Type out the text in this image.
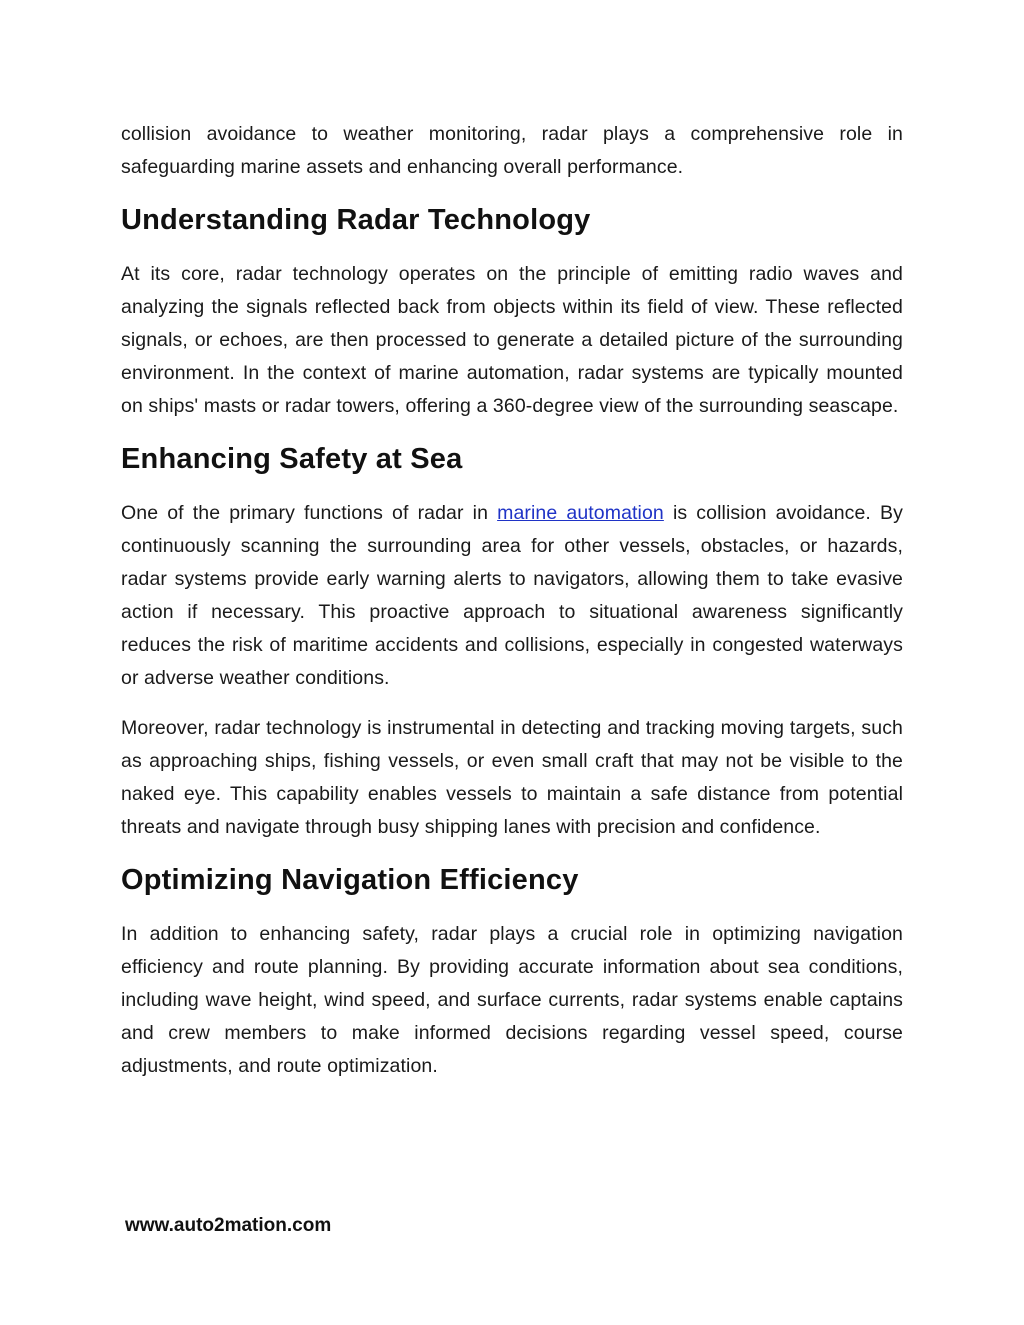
collision avoidance to weather monitoring, radar plays a comprehensive role in safeguarding marine assets and enhancing overall performance.

Understanding Radar Technology

At its core, radar technology operates on the principle of emitting radio waves and analyzing the signals reflected back from objects within its field of view. These reflected signals, or echoes, are then processed to generate a detailed picture of the surrounding environment. In the context of marine automation, radar systems are typically mounted on ships' masts or radar towers, offering a 360-degree view of the surrounding seascape.

Enhancing Safety at Sea

One of the primary functions of radar in marine automation is collision avoidance. By continuously scanning the surrounding area for other vessels, obstacles, or hazards, radar systems provide early warning alerts to navigators, allowing them to take evasive action if necessary. This proactive approach to situational awareness significantly reduces the risk of maritime accidents and collisions, especially in congested waterways or adverse weather conditions.

Moreover, radar technology is instrumental in detecting and tracking moving targets, such as approaching ships, fishing vessels, or even small craft that may not be visible to the naked eye. This capability enables vessels to maintain a safe distance from potential threats and navigate through busy shipping lanes with precision and confidence.

Optimizing Navigation Efficiency

In addition to enhancing safety, radar plays a crucial role in optimizing navigation efficiency and route planning. By providing accurate information about sea conditions, including wave height, wind speed, and surface currents, radar systems enable captains and crew members to make informed decisions regarding vessel speed, course adjustments, and route optimization.

www.auto2mation.com
